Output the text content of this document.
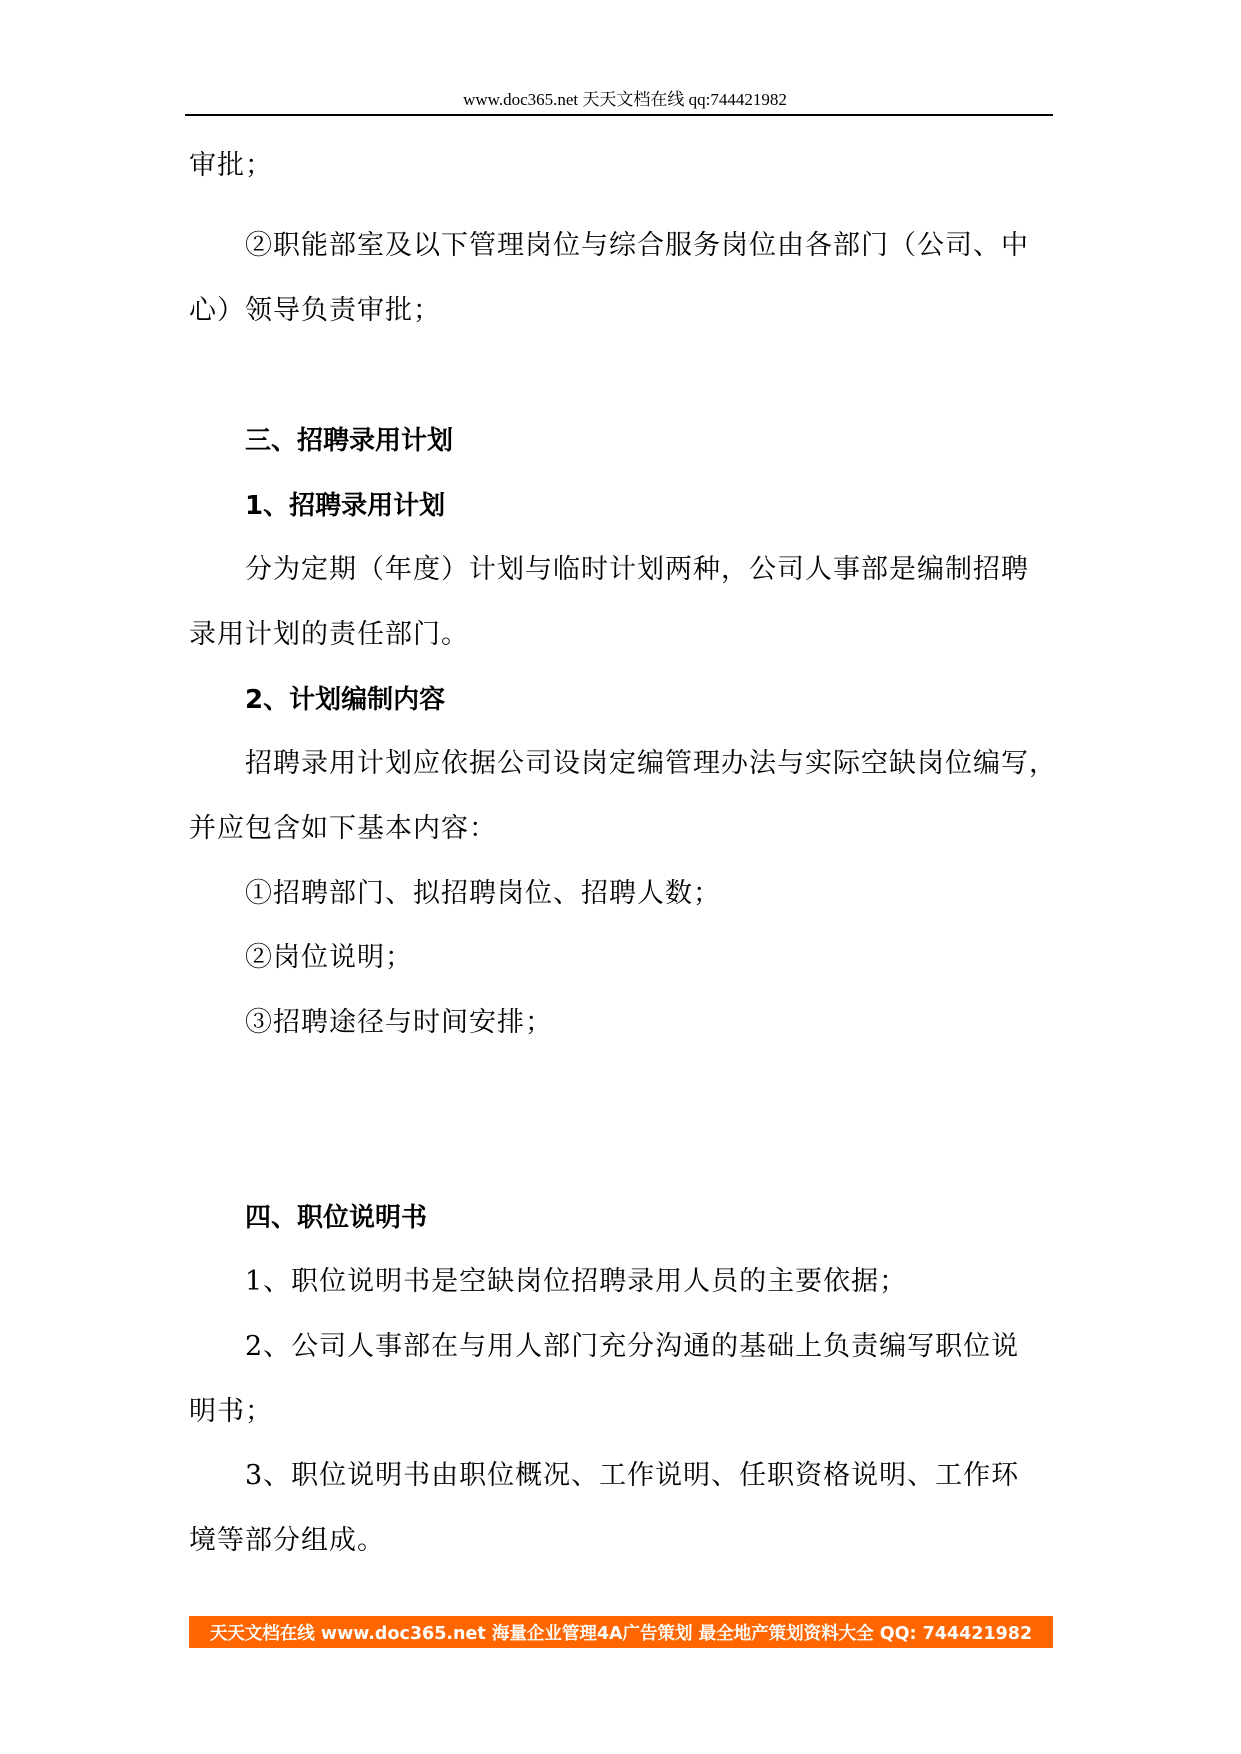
www.doc365.net 天天文档在线 qq:744421982
审批；
②职能部室及以下管理岗位与综合服务岗位由各部门（公司、中
心）领导负责审批；
三、招聘录用计划
1、招聘录用计划
分为定期（年度）计划与临时计划两种，公司人事部是编制招聘
录用计划的责任部门。
2、计划编制内容
招聘录用计划应依据公司设岗定编管理办法与实际空缺岗位编写，
并应包含如下基本内容：
①招聘部门、拟招聘岗位、招聘人数；
②岗位说明；
③招聘途径与时间安排；
四、职位说明书
1、职位说明书是空缺岗位招聘录用人员的主要依据；
2、公司人事部在与用人部门充分沟通的基础上负责编写职位说
明书；
3、职位说明书由职位概况、工作说明、任职资格说明、工作环
境等部分组成。
天天文档在线 www.doc365.net 海量企业管理4A广告策划 最全地产策划资料大全 QQ: 744421982
